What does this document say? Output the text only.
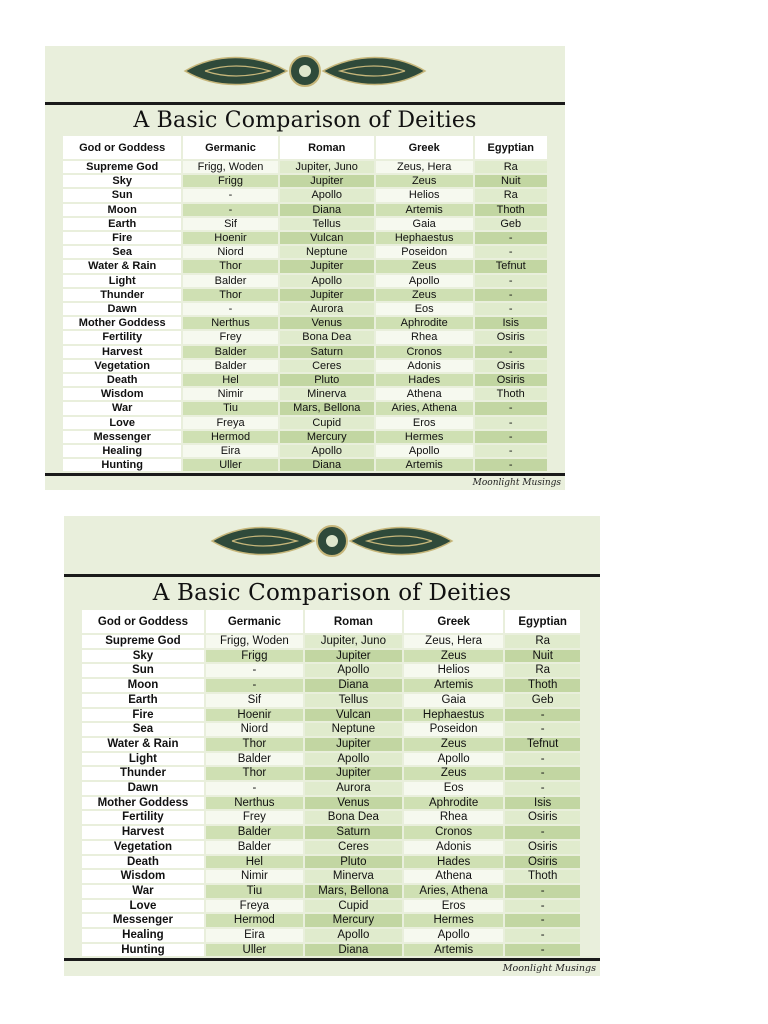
A Basic Comparison of Deities
God or Goddess	Germanic	Roman	Greek	Egyptian
Supreme God	Frigg, Woden	Jupiter, Juno	Zeus, Hera	Ra
Sky	Frigg	Jupiter	Zeus	Nuit
Sun	-	Apollo	Helios	Ra
Moon	-	Diana	Artemis	Thoth
Earth	Sif	Tellus	Gaia	Geb
Fire	Hoenir	Vulcan	Hephaestus	-
Sea	Niord	Neptune	Poseidon	-
Water & Rain	Thor	Jupiter	Zeus	Tefnut
Light	Balder	Apollo	Apollo	-
Thunder	Thor	Jupiter	Zeus	-
Dawn	-	Aurora	Eos	-
Mother Goddess	Nerthus	Venus	Aphrodite	Isis
Fertility	Frey	Bona Dea	Rhea	Osiris
Harvest	Balder	Saturn	Cronos	-
Vegetation	Balder	Ceres	Adonis	Osiris
Death	Hel	Pluto	Hades	Osiris
Wisdom	Nimir	Minerva	Athena	Thoth
War	Tiu	Mars, Bellona	Aries, Athena	-
Love	Freya	Cupid	Eros	-
Messenger	Hermod	Mercury	Hermes	-
Healing	Eira	Apollo	Apollo	-
Hunting	Uller	Diana	Artemis	-
Moonlight Musings
A Basic Comparison of Deities
God or Goddess	Germanic	Roman	Greek	Egyptian
Supreme God	Frigg, Woden	Jupiter, Juno	Zeus, Hera	Ra
Sky	Frigg	Jupiter	Zeus	Nuit
Sun	-	Apollo	Helios	Ra
Moon	-	Diana	Artemis	Thoth
Earth	Sif	Tellus	Gaia	Geb
Fire	Hoenir	Vulcan	Hephaestus	-
Sea	Niord	Neptune	Poseidon	-
Water & Rain	Thor	Jupiter	Zeus	Tefnut
Light	Balder	Apollo	Apollo	-
Thunder	Thor	Jupiter	Zeus	-
Dawn	-	Aurora	Eos	-
Mother Goddess	Nerthus	Venus	Aphrodite	Isis
Fertility	Frey	Bona Dea	Rhea	Osiris
Harvest	Balder	Saturn	Cronos	-
Vegetation	Balder	Ceres	Adonis	Osiris
Death	Hel	Pluto	Hades	Osiris
Wisdom	Nimir	Minerva	Athena	Thoth
War	Tiu	Mars, Bellona	Aries, Athena	-
Love	Freya	Cupid	Eros	-
Messenger	Hermod	Mercury	Hermes	-
Healing	Eira	Apollo	Apollo	-
Hunting	Uller	Diana	Artemis	-
Moonlight Musings
